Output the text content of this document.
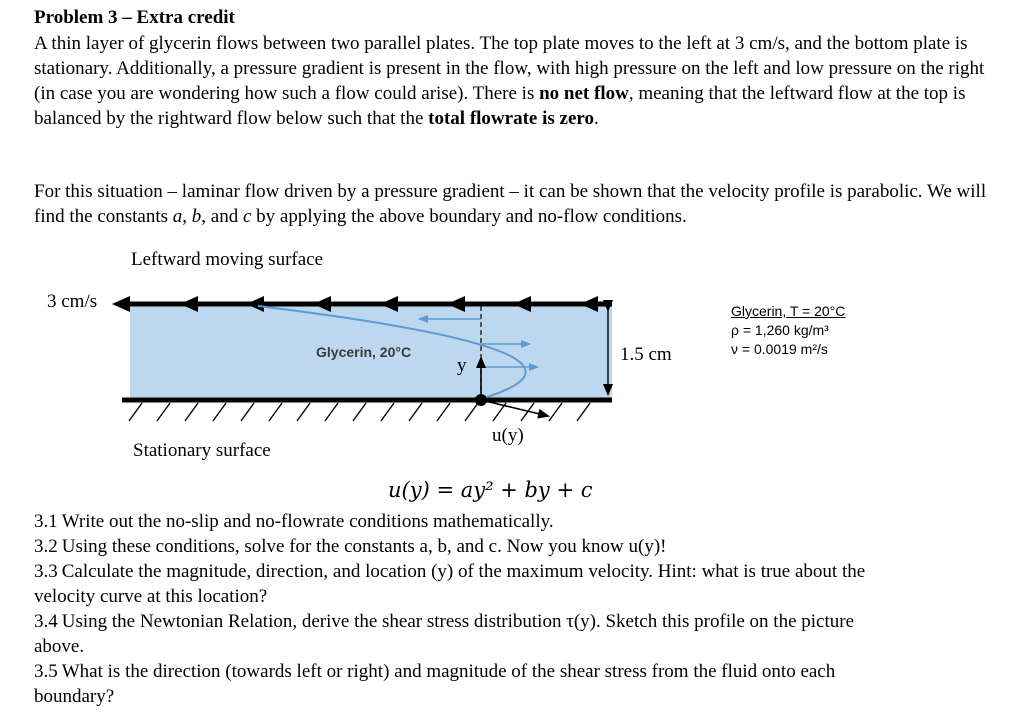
Problem 3 – Extra credit
A thin layer of glycerin flows between two parallel plates. The top plate moves to the left at 3 cm/s, and the bottom plate is stationary. Additionally, a pressure gradient is present in the flow, with high pressure on the left and low pressure on the right (in case you are wondering how such a flow could arise). There is no net flow, meaning that the leftward flow at the top is balanced by the rightward flow below such that the total flowrate is zero.
For this situation – laminar flow driven by a pressure gradient – it can be shown that the velocity profile is parabolic. We will find the constants a, b, and c by applying the above boundary and no-flow conditions.
Leftward moving surface
3 cm/s
Glycerin, 20°C
y
1.5 cm
u(y)
Stationary surface
Glycerin, T = 20°C
ρ = 1,260 kg/m³
ν = 0.0019 m²/s
u(y) = ay² + by + c
3.1 Write out the no-slip and no-flowrate conditions mathematically.
3.2 Using these conditions, solve for the constants a, b, and c. Now you know u(y)!
3.3 Calculate the magnitude, direction, and location (y) of the maximum velocity. Hint: what is true about the
velocity curve at this location?
3.4 Using the Newtonian Relation, derive the shear stress distribution τ(y). Sketch this profile on the picture
above.
3.5 What is the direction (towards left or right) and magnitude of the shear stress from the fluid onto each
boundary?
